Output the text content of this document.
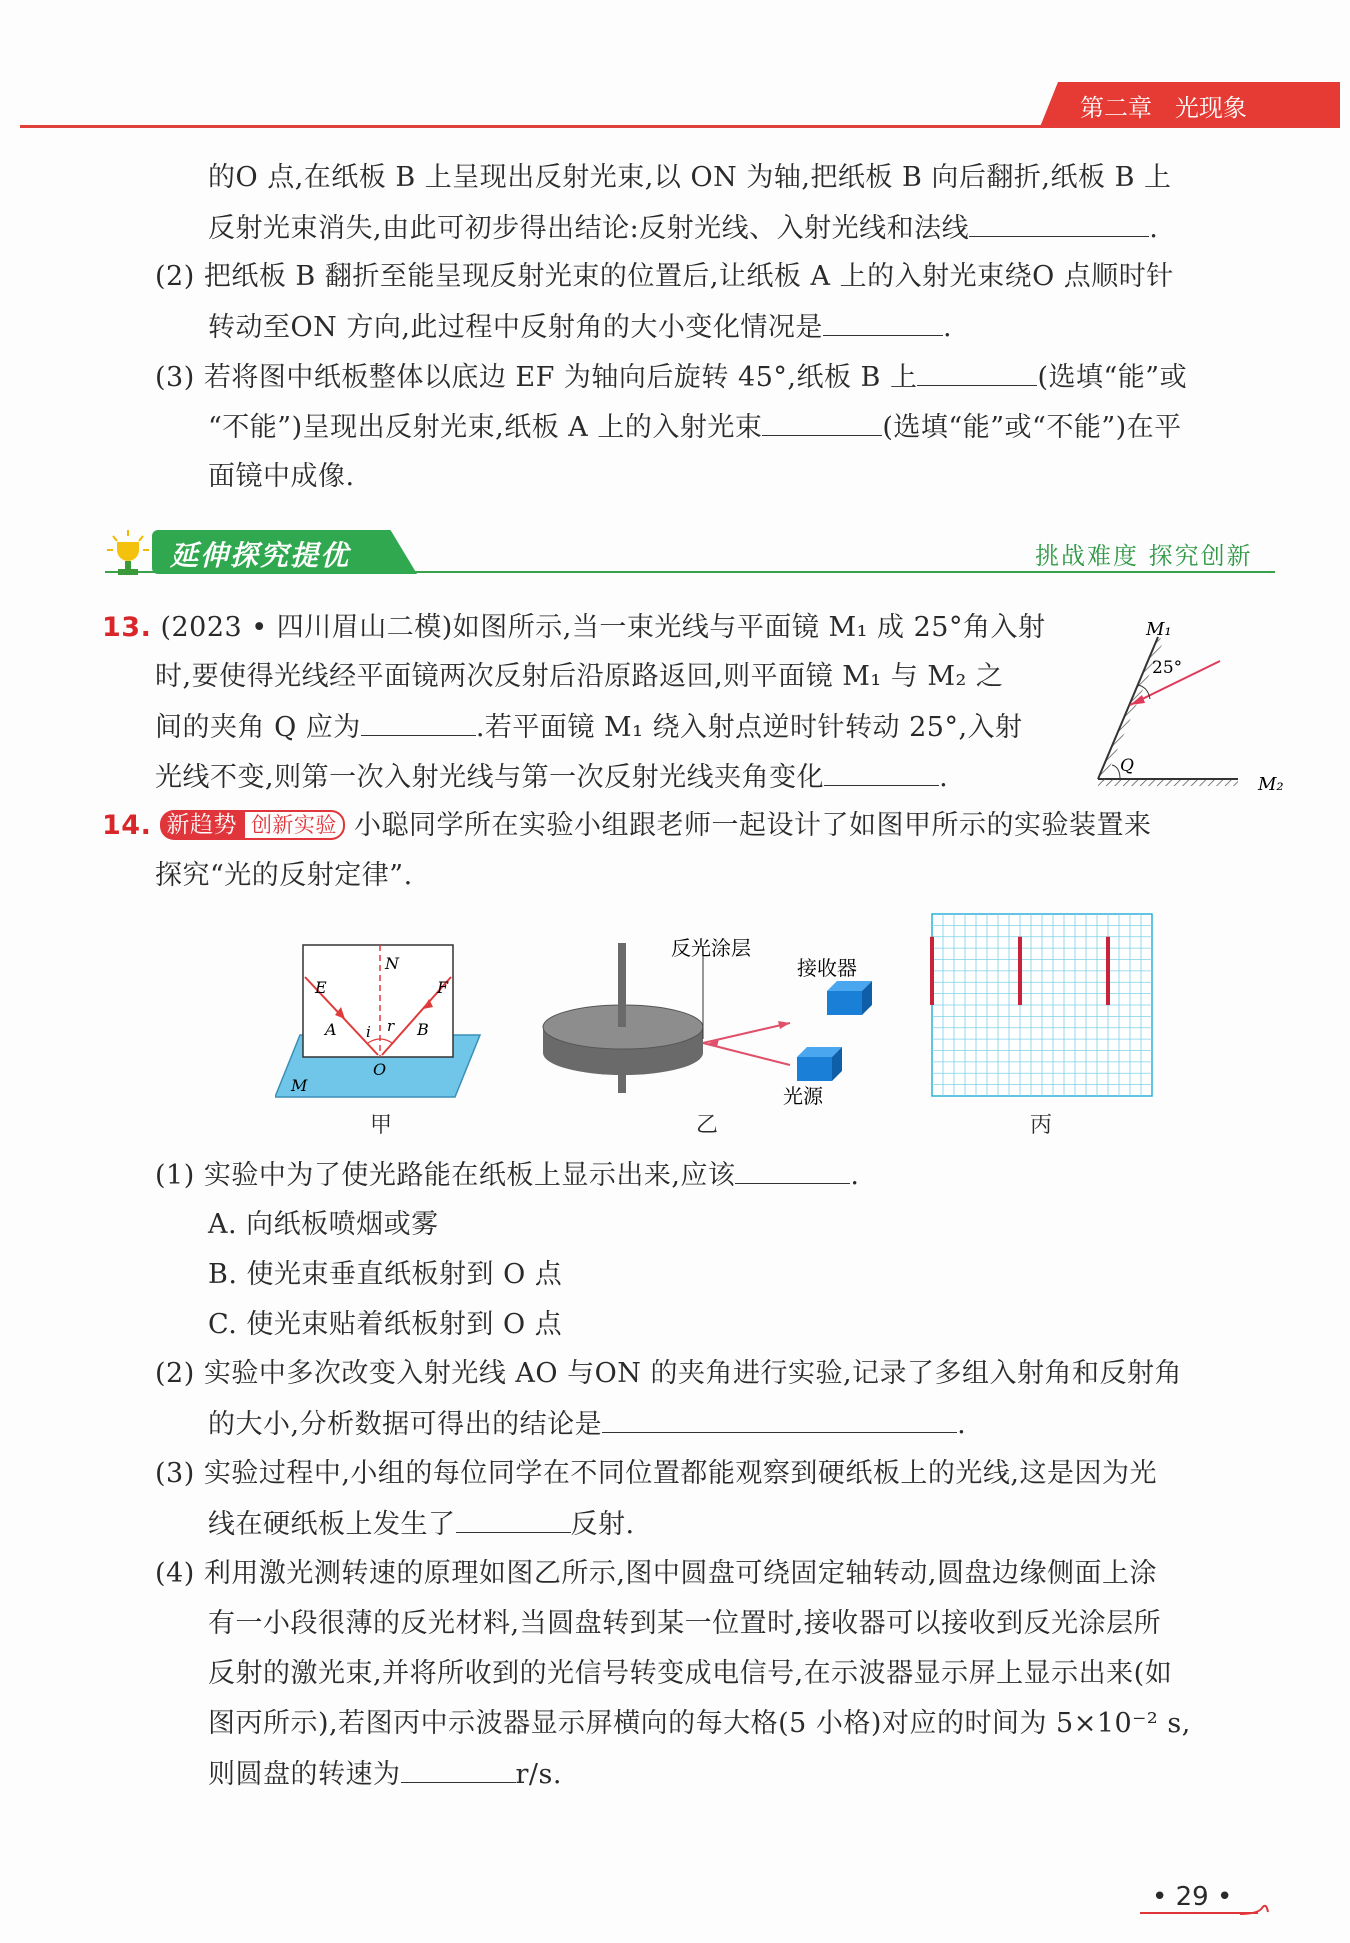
第二章 光现象
的O 点,在纸板 B 上呈现出反射光束,以 ON 为轴,把纸板 B 向后翻折,纸板 B 上
反射光束消失,由此可初步得出结论:反射光线、入射光线和法线	.
(2) 把纸板 B 翻折至能呈现反射光束的位置后,让纸板 A 上的入射光束绕O 点顺时针
转动至ON 方向,此过程中反射角的大小变化情况是	.
(3) 若将图中纸板整体以底边 EF 为轴向后旋转 45°,纸板 B 上	(选填“能”或
“不能”)呈现出反射光束,纸板 A 上的入射光束	(选填“能”或“不能”)在平
面镜中成像.
延伸探究提优	挑战难度 探究创新
13. (2023 • 四川眉山二模)如图所示,当一束光线与平面镜 M₁ 成 25°角入射
时,要使得光线经平面镜两次反射后沿原路返回,则平面镜 M₁ 与 M₂ 之
间的夹角 Q 应为	.若平面镜 M₁ 绕入射点逆时针转动 25°,入射
光线不变,则第一次入射光线与第一次反射光线夹角变化	.
M₁
25°
Q
M₂
14. 新趋势 创新实验 小聪同学所在实验小组跟老师一起设计了如图甲所示的实验装置来
探究“光的反射定律”.
N
E	F
A	B
i r
O
M
甲
反光涂层
接收器
光源
乙	丙
(1) 实验中为了使光路能在纸板上显示出来,应该	.
A. 向纸板喷烟或雾
B. 使光束垂直纸板射到 O 点
C. 使光束贴着纸板射到 O 点
(2) 实验中多次改变入射光线 AO 与ON 的夹角进行实验,记录了多组入射角和反射角
的大小,分析数据可得出的结论是	.
(3) 实验过程中,小组的每位同学在不同位置都能观察到硬纸板上的光线,这是因为光
线在硬纸板上发生了	反射.
(4) 利用激光测转速的原理如图乙所示,图中圆盘可绕固定轴转动,圆盘边缘侧面上涂
有一小段很薄的反光材料,当圆盘转到某一位置时,接收器可以接收到反光涂层所
反射的激光束,并将所收到的光信号转变成电信号,在示波器显示屏上显示出来(如
图丙所示),若图丙中示波器显示屏横向的每大格(5 小格)对应的时间为 5×10⁻² s,
则圆盘的转速为	r/s.
• 29 •
